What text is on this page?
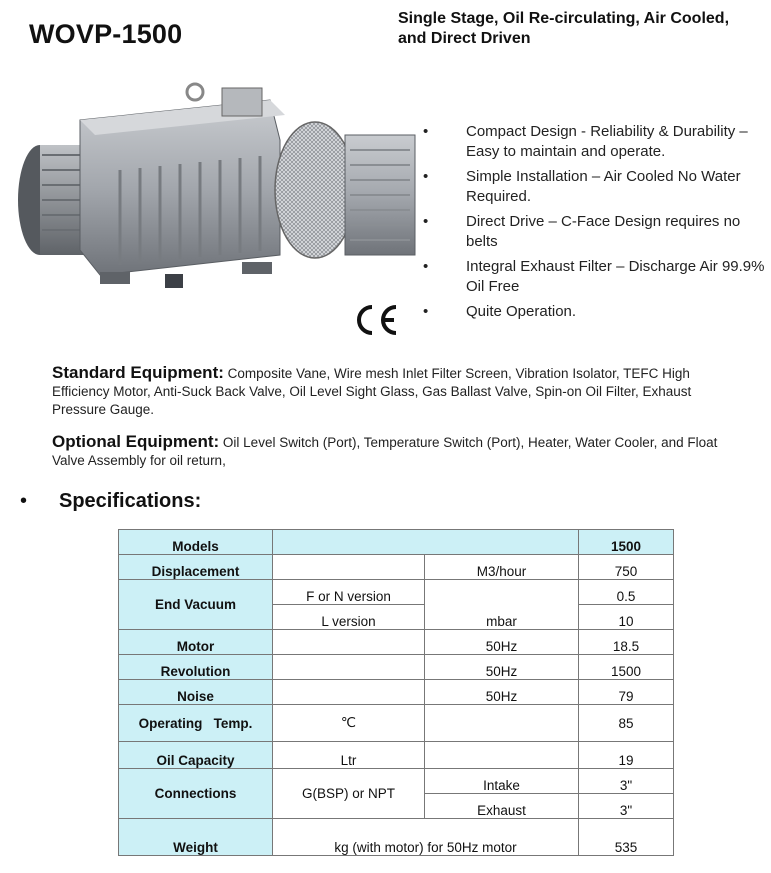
WOVP-1500
Single Stage, Oil Re-circulating, Air Cooled, and Direct Driven
•	Compact Design - Reliability & Durability – Easy to maintain and operate.
•	Simple Installation – Air Cooled No Water Required.
•	Direct Drive – C-Face Design requires no belts
•	Integral Exhaust Filter – Discharge Air 99.9% Oil Free
•	Quite Operation.
Standard Equipment: Composite Vane, Wire mesh Inlet Filter Screen, Vibration Isolator, TEFC High Efficiency Motor, Anti-Suck Back Valve, Oil Level Sight Glass, Gas Ballast Valve, Spin-on Oil Filter, Exhaust Pressure Gauge.
Optional Equipment: Oil Level Switch (Port), Temperature Switch (Port), Heater, Water Cooler, and Float Valve Assembly for oil return,
• Specifications:
Models			1500
Displacement		M3/hour	750
End Vacuum	F or N version	mbar	0.5
	L version		10
Motor		50Hz	18.5
Revolution		50Hz	1500
Noise		50Hz	79
Operating   Temp.	℃		85
Oil Capacity	Ltr		19
Connections	G(BSP) or NPT	Intake	3"
		Exhaust	3"
Weight	kg (with motor) for 50Hz motor		535
